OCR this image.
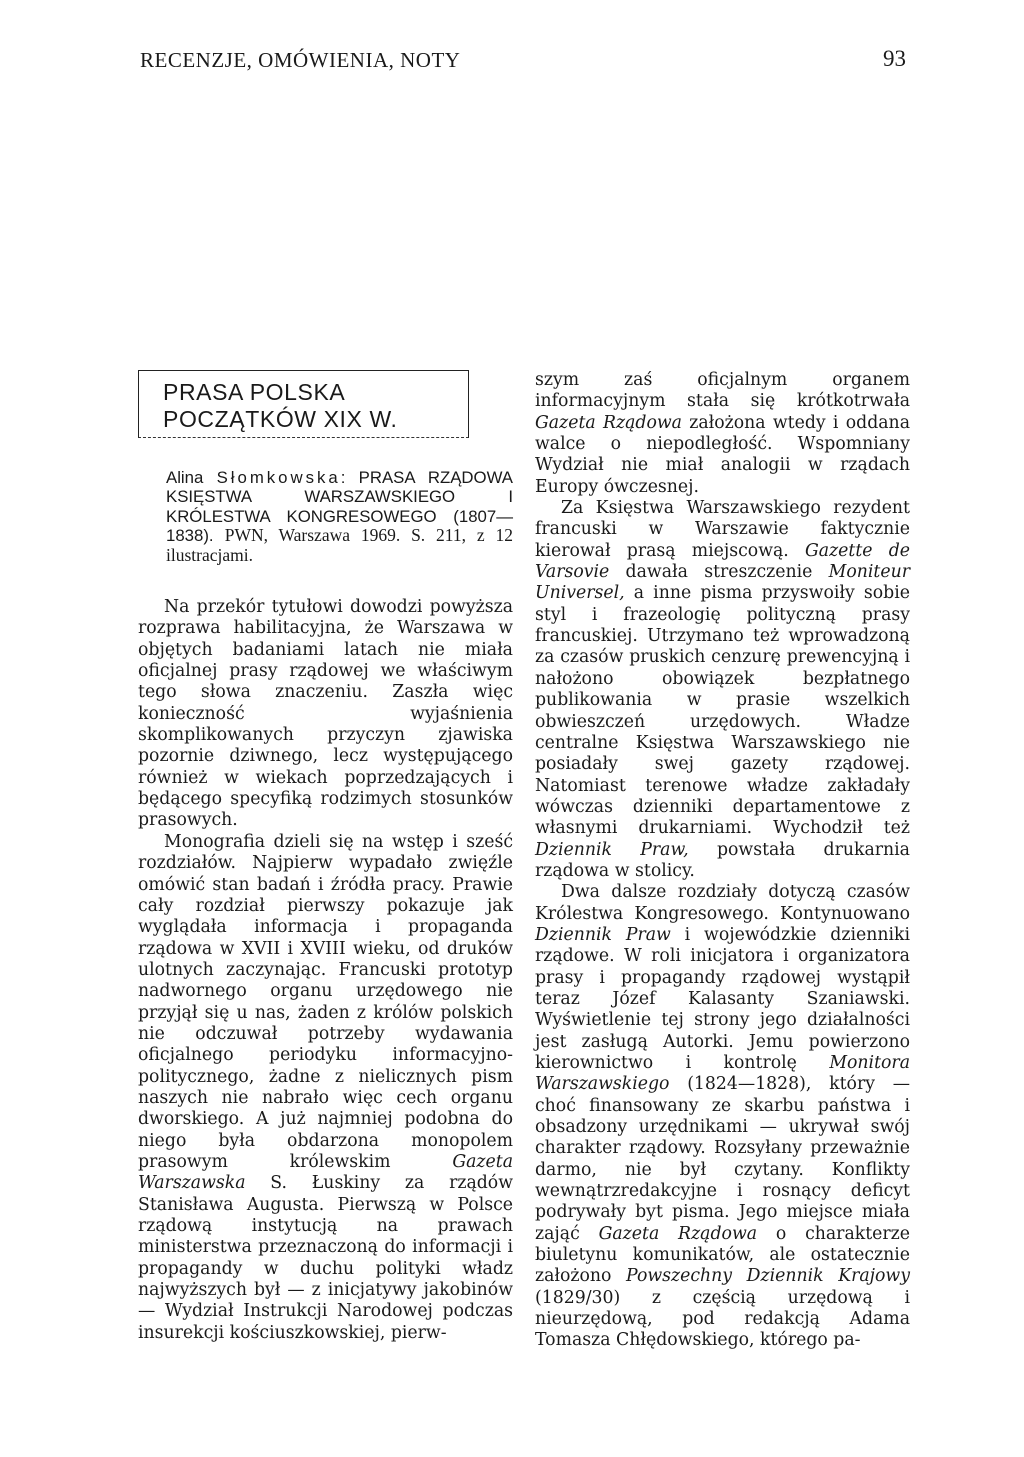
RECENZJE, OMÓWIENIA, NOTY	93
PRASA POLSKA
POCZĄTKÓW XIX W.
Alina Słomkowska: PRASA RZĄDOWA KSIĘSTWA WARSZAWSKIEGO I KRÓLESTWA KONGRESOWEGO (1807—1838). PWN, Warszawa 1969. S. 211, z 12 ilustracjami.

Na przekór tytułowi dowodzi powyższa rozprawa habilitacyjna, że Warszawa w objętych badaniami latach nie miała oficjalnej prasy rządowej we właściwym tego słowa znaczeniu. Zaszła więc konieczność wyjaśnienia skomplikowanych przyczyn zjawiska pozornie dziwnego, lecz występującego również w wiekach poprzedzających i będącego specyfiką rodzimych stosunków prasowych.

Monografia dzieli się na wstęp i sześć rozdziałów. Najpierw wypadało zwięźle omówić stan badań i źródła pracy. Prawie cały rozdział pierwszy pokazuje jak wyglądała informacja i propaganda rządowa w XVII i XVIII wieku, od druków ulotnych zaczynając. Francuski prototyp nadwornego organu urzędowego nie przyjął się u nas, żaden z królów polskich nie odczuwał potrzeby wydawania oficjalnego periodyku informacyjno-politycznego, żadne z nielicznych pism naszych nie nabrało więc cech organu dworskiego. A już najmniej podobna do niego była obdarzona monopolem prasowym królewskim	Gazeta Warszawska S. Łuskiny za rządów Stanisława Augusta. Pierwszą w Polsce rządową instytucją na prawach ministerstwa przeznaczoną do informacji i propagandy w duchu polityki władz najwyższych był — z inicjatywy jakobinów — Wydział Instrukcji Narodowej podczas insurekcji kościuszkowskiej, pierw-

szym zaś oficjalnym organem informacyjnym stała się krótkotrwała Gazeta Rządowa założona wtedy i oddana walce o niepodległość. Wspomniany Wydział nie miał analogii w rządach Europy ówczesnej.

Za Księstwa Warszawskiego rezydent francuski w Warszawie faktycznie kierował prasą miejscową. Gazette de Varsovie dawała streszczenie Moniteur Universel, a inne pisma przyswoiły sobie styl i frazeologię polityczną prasy francuskiej. Utrzymano też wprowadzoną za czasów pruskich cenzurę prewencyjną i nałożono obowiązek bezpłatnego publikowania w prasie wszelkich obwieszczeń urzędowych. Władze centralne Księstwa Warszawskiego nie posiadały swej gazety rządowej. Natomiast terenowe władze zakładały wówczas dzienniki departamentowe z własnymi drukarniami. Wychodził też Dziennik Praw, powstała drukarnia rządowa w stolicy.

Dwa dalsze rozdziały dotyczą czasów Królestwa Kongresowego. Kontynuowano Dziennik Praw i wojewódzkie dzienniki rządowe. W roli inicjatora i organizatora prasy i propagandy rządowej wystąpił teraz Józef Kalasanty Szaniawski. Wyświetlenie tej strony jego działalności jest zasługą Autorki. Jemu powierzono kierownictwo i kontrolę Monitora Warszawskiego (1824—1828), który — choć finansowany ze skarbu państwa i obsadzony urzędnikami — ukrywał swój charakter rządowy. Rozsyłany przeważnie darmo, nie był czytany. Konflikty wewnątrzredakcyjne i rosnący deficyt podrywały byt pisma. Jego miejsce miała zająć Gazeta Rządowa o charakterze biuletynu komunikatów, ale ostatecznie założono Powszechny Dziennik Krajowy (1829/30) z częścią urzędową i nieurzędową, pod redakcją Adama Tomasza Chłędowskiego, którego pa-
